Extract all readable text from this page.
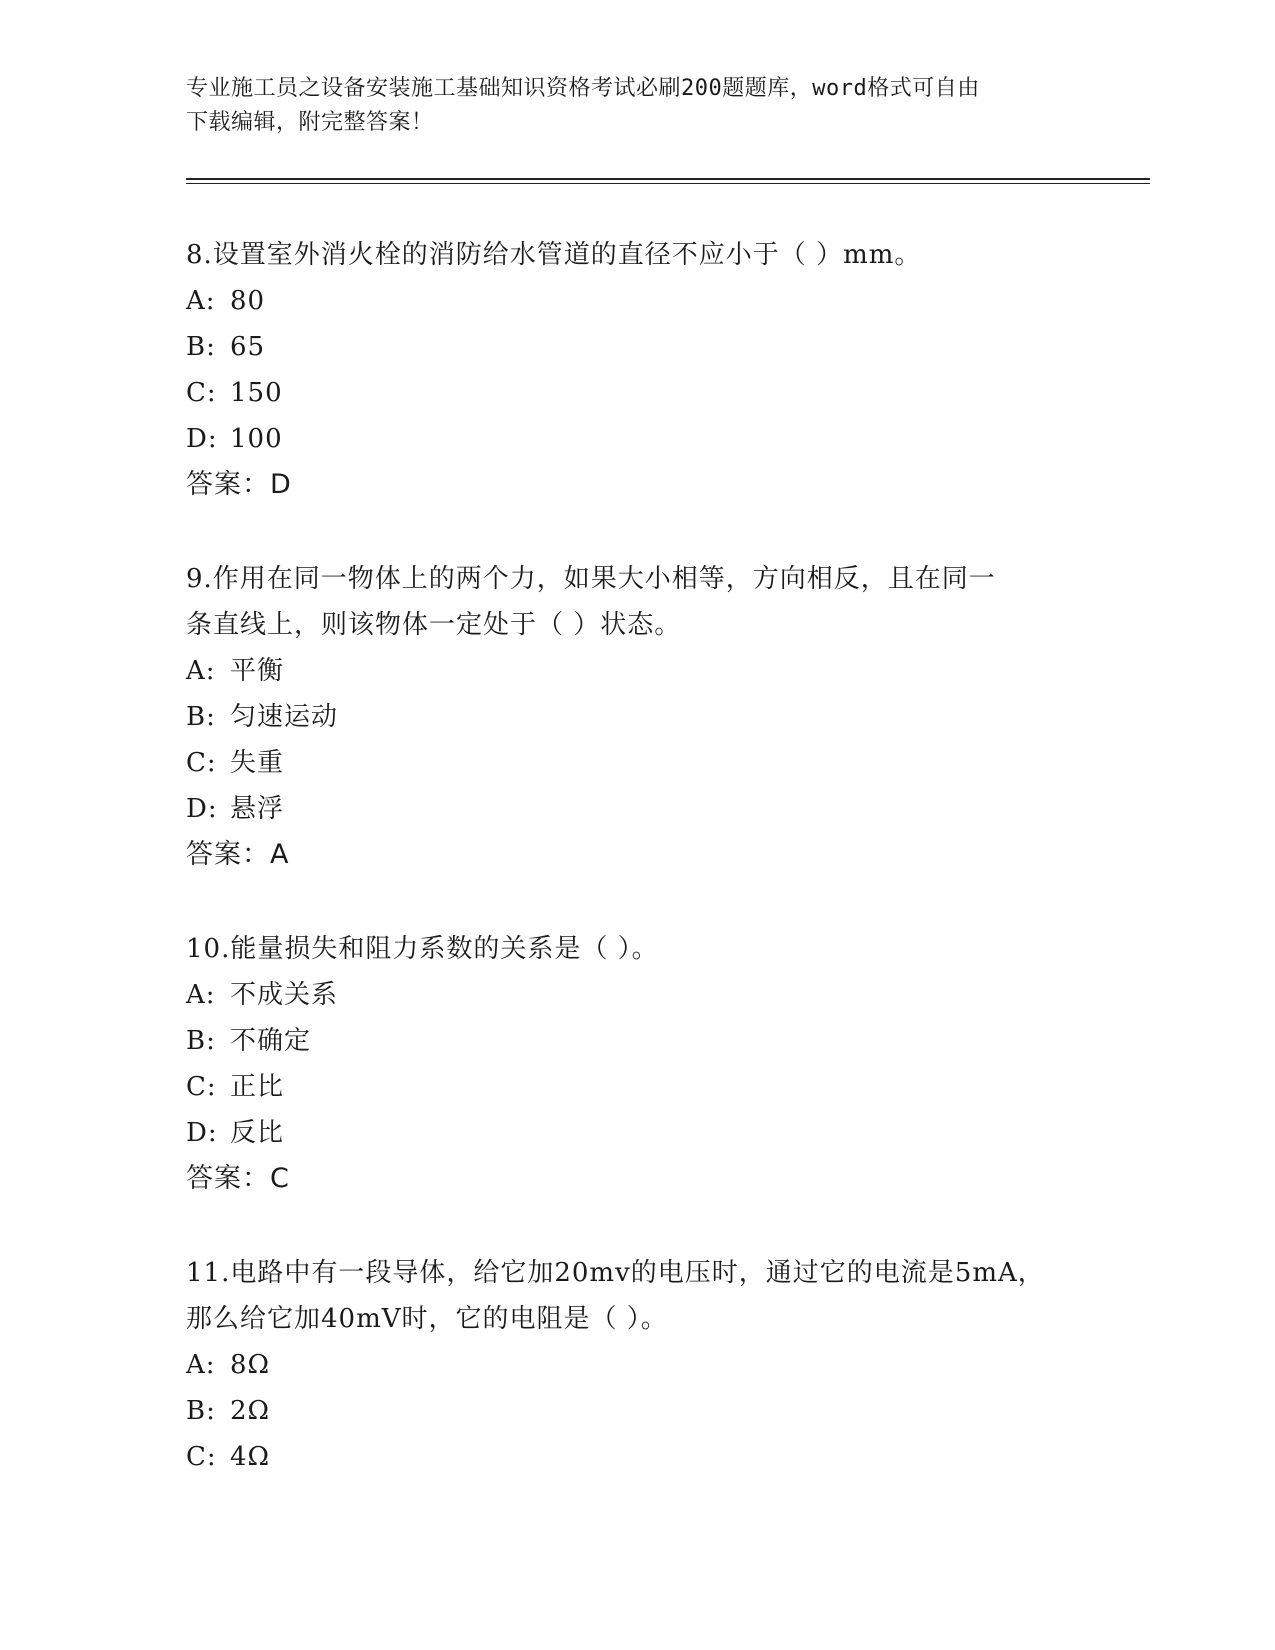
专业施工员之设备安装施工基础知识资格考试必刷200题题库，word格式可自由
下载编辑，附完整答案！
8.设置室外消火栓的消防给水管道的直径不应小于（ ）mm。
A: 80
B: 65
C: 150
D: 100
答案：D
9.作用在同一物体上的两个力，如果大小相等，方向相反，且在同一
条直线上，则该物体一定处于（ ）状态。
A: 平衡
B: 匀速运动
C: 失重
D: 悬浮
答案：A
10.能量损失和阻力系数的关系是（ ）。
A: 不成关系
B: 不确定
C: 正比
D: 反比
答案：C
11.电路中有一段导体，给它加20mv的电压时，通过它的电流是5mA，
那么给它加40mV时，它的电阻是（ ）。
A: 8Ω
B: 2Ω
C: 4Ω
